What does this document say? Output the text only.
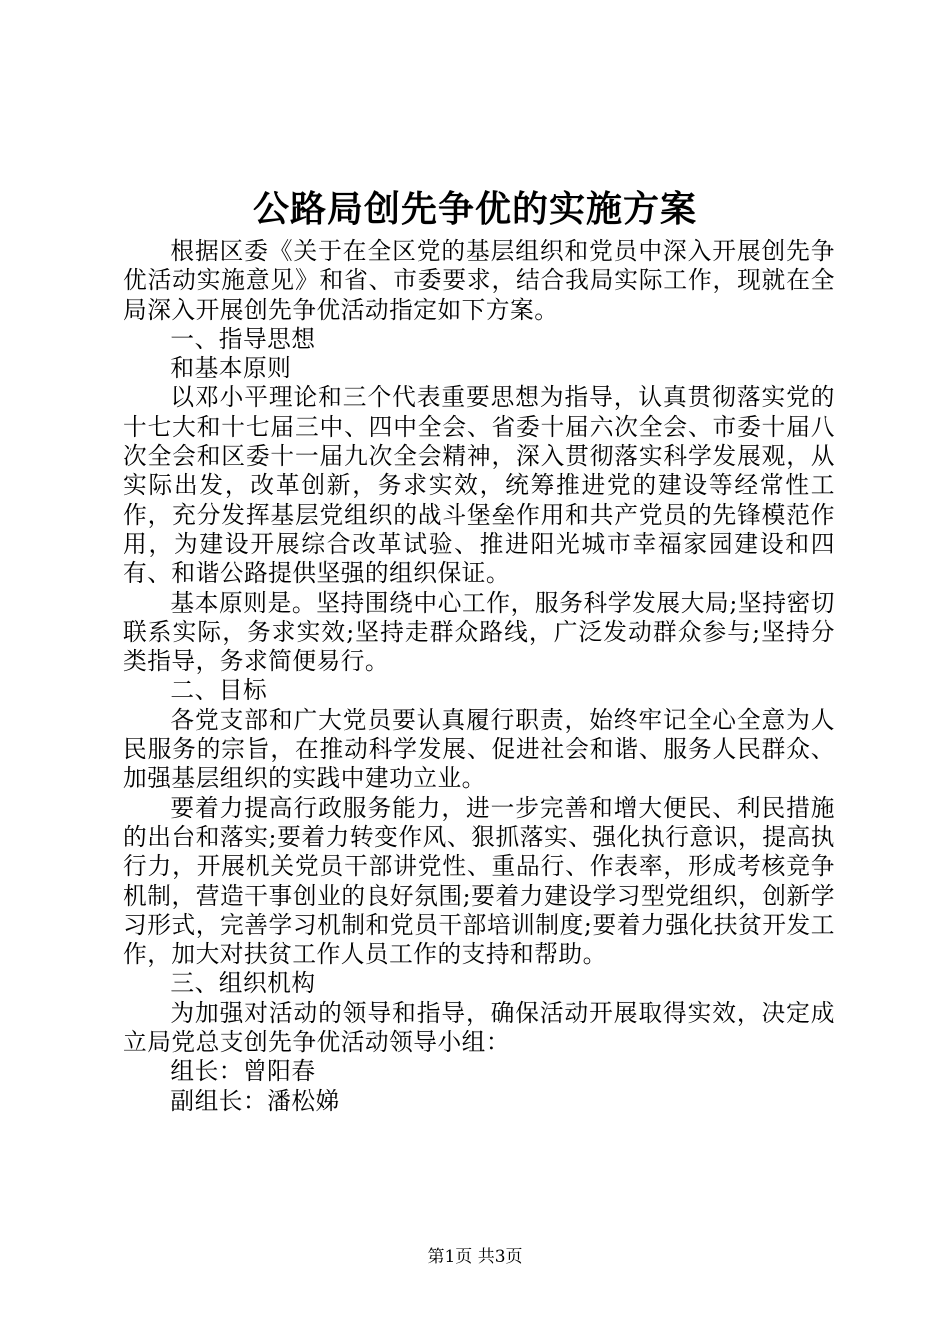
公路局创先争优的实施方案

根据区委《关于在全区党的基层组织和党员中深入开展创先争优活动实施意见》和省、市委要求，结合我局实际工作，现就在全局深入开展创先争优活动指定如下方案。

一、指导思想

和基本原则

以邓小平理论和三个代表重要思想为指导，认真贯彻落实党的十七大和十七届三中、四中全会、省委十届六次全会、市委十届八次全会和区委十一届九次全会精神，深入贯彻落实科学发展观，从实际出发，改革创新，务求实效，统筹推进党的建设等经常性工作，充分发挥基层党组织的战斗堡垒作用和共产党员的先锋模范作用，为建设开展综合改革试验、推进阳光城市幸福家园建设和四有、和谐公路提供坚强的组织保证。

基本原则是。坚持围绕中心工作，服务科学发展大局;坚持密切联系实际，务求实效;坚持走群众路线，广泛发动群众参与;坚持分类指导，务求简便易行。

二、目标

各党支部和广大党员要认真履行职责，始终牢记全心全意为人民服务的宗旨，在推动科学发展、促进社会和谐、服务人民群众、加强基层组织的实践中建功立业。

要着力提高行政服务能力，进一步完善和增大便民、利民措施的出台和落实;要着力转变作风、狠抓落实、强化执行意识，提高执行力，开展机关党员干部讲党性、重品行、作表率，形成考核竞争机制，营造干事创业的良好氛围;要着力建设学习型党组织，创新学习形式，完善学习机制和党员干部培训制度;要着力强化扶贫开发工作，加大对扶贫工作人员工作的支持和帮助。

三、组织机构

为加强对活动的领导和指导，确保活动开展取得实效，决定成立局党总支创先争优活动领导小组：

组长：曾阳春

副组长：潘松娣

第1页 共3页
